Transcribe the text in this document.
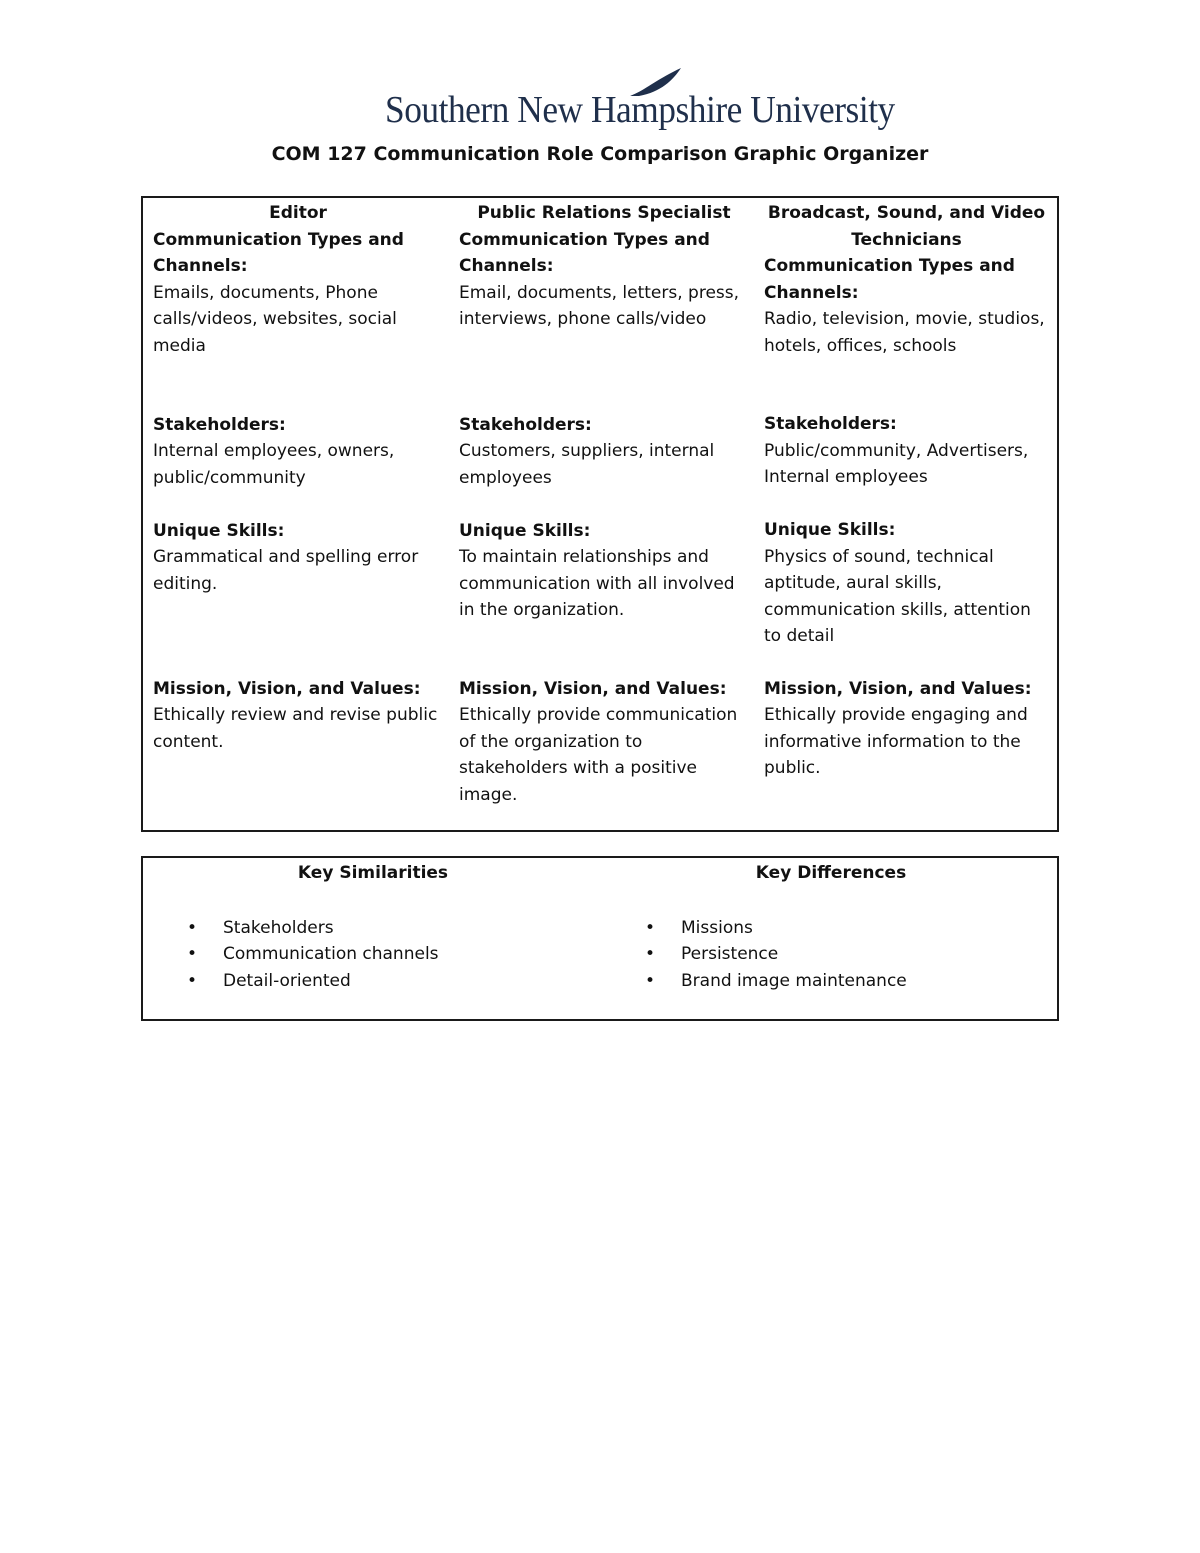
Southern New Hampshire University
COM 127 Communication Role Comparison Graphic Organizer
Editor
Communication Types and Channels:
Emails, documents, Phone calls/videos, websites, social media
Stakeholders:
Internal employees, owners, public/community
Unique Skills:
Grammatical and spelling error editing.
Mission, Vision, and Values:
Ethically review and revise public content.
Public Relations Specialist
Communication Types and Channels:
Email, documents, letters, press, interviews, phone calls/video
Stakeholders:
Customers, suppliers, internal employees
Unique Skills:
To maintain relationships and communication with all involved in the organization.
Mission, Vision, and Values:
Ethically provide communication of the organization to stakeholders with a positive image.
Broadcast, Sound, and Video Technicians
Communication Types and Channels:
Radio, television, movie, studios, hotels, offices, schools
Stakeholders:
Public/community, Advertisers, Internal employees
Unique Skills:
Physics of sound, technical aptitude, aural skills, communication skills, attention to detail
Mission, Vision, and Values:
Ethically provide engaging and informative information to the public.
Key Similarities
• Stakeholders
• Communication channels
• Detail-oriented
Key Differences
• Missions
• Persistence
• Brand image maintenance
